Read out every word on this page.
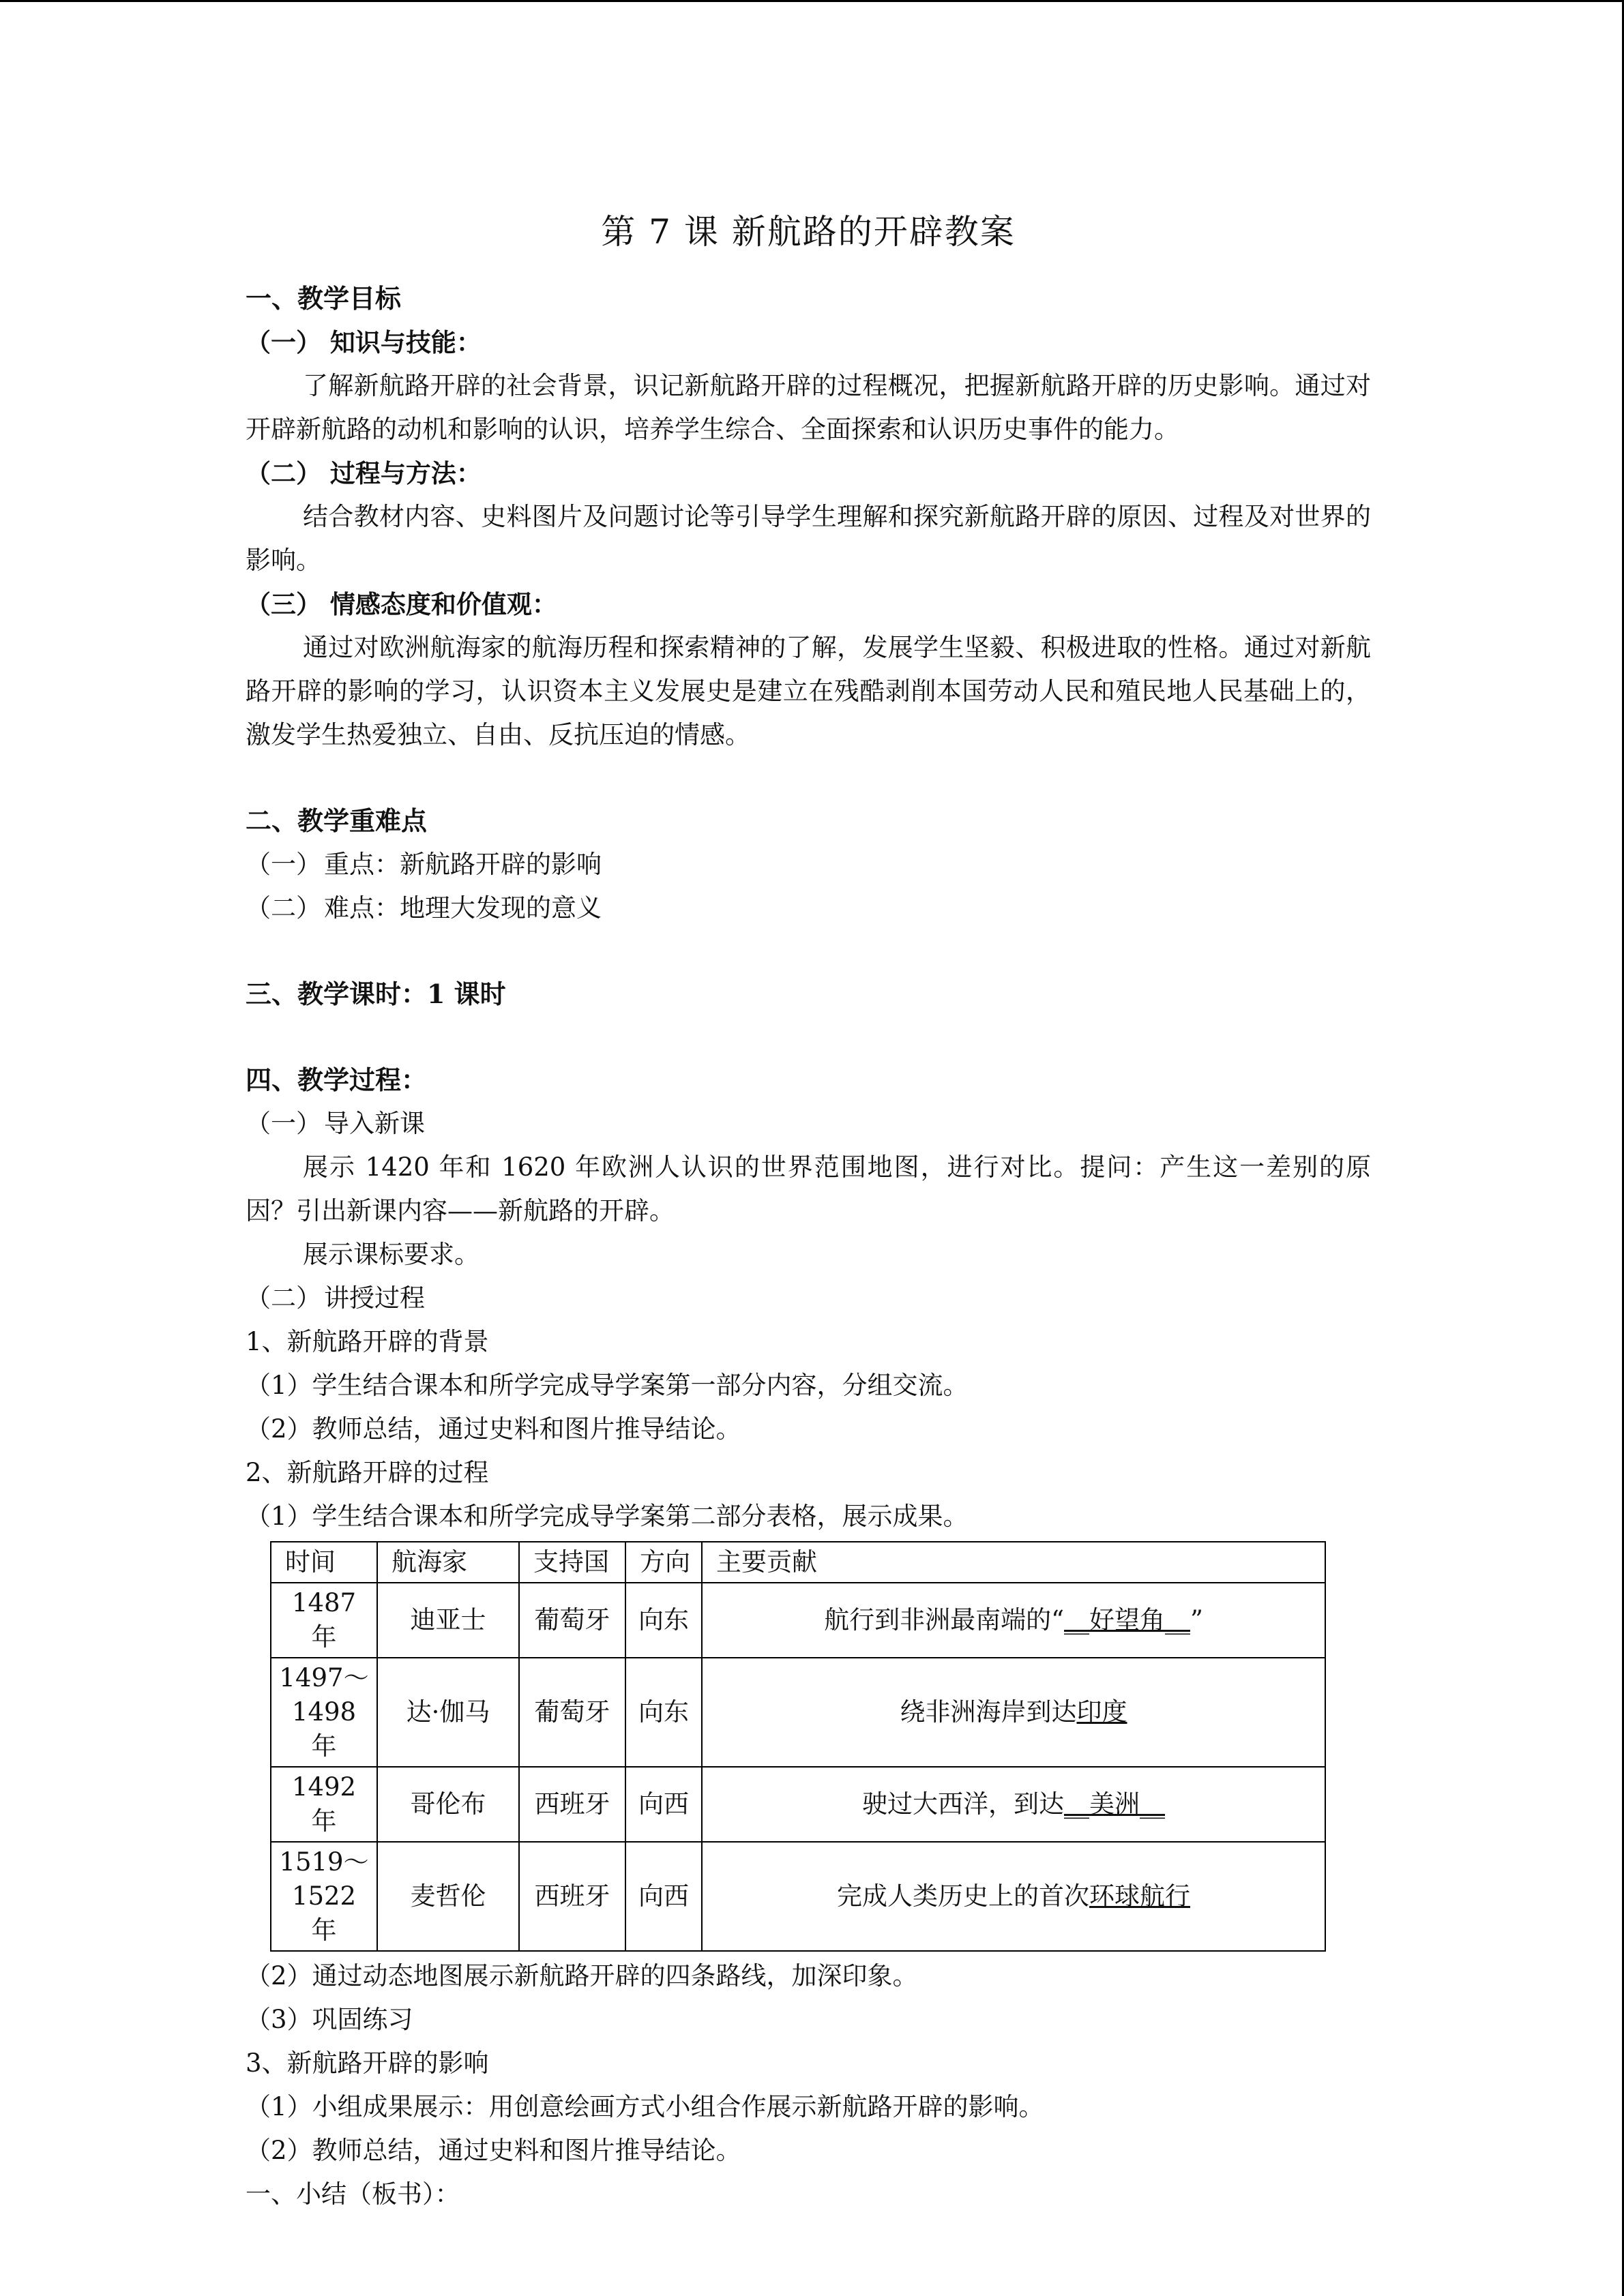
第 7 课 新航路的开辟教案
一、教学目标
（一） 知识与技能：
了解新航路开辟的社会背景，识记新航路开辟的过程概况，把握新航路开辟的历史影响。通过对开辟新航路的动机和影响的认识，培养学生综合、全面探索和认识历史事件的能力。
（二） 过程与方法：
结合教材内容、史料图片及问题讨论等引导学生理解和探究新航路开辟的原因、过程及对世界的影响。
（三） 情感态度和价值观：
通过对欧洲航海家的航海历程和探索精神的了解，发展学生坚毅、积极进取的性格。通过对新航路开辟的影响的学习，认识资本主义发展史是建立在残酷剥削本国劳动人民和殖民地人民基础上的，激发学生热爱独立、自由、反抗压迫的情感。
二、教学重难点
（一） 重点：新航路开辟的影响
（二） 难点：地理大发现的意义
三、教学课时：1 课时
四、教学过程：
（一） 导入新课
展示 1420 年和 1620 年欧洲人认识的世界范围地图，进行对比。提问：产生这一差别的原因？引出新课内容——新航路的开辟。
展示课标要求。
（二） 讲授过程
1、新航路开辟的背景
（1）学生结合课本和所学完成导学案第一部分内容，分组交流。
（2）教师总结，通过史料和图片推导结论。
2、新航路开辟的过程
（1）学生结合课本和所学完成导学案第二部分表格，展示成果。
时间	航海家	支持国	方向	主要贡献
1487 年	迪亚士	葡萄牙	向东	航行到非洲最南端的“__好望角__”
1497～1498 年	达·伽马	葡萄牙	向东	绕非洲海岸到达印度
1492 年	哥伦布	西班牙	向西	驶过大西洋，到达__美洲__
1519～1522 年	麦哲伦	西班牙	向西	完成人类历史上的首次环球航行
（2）通过动态地图展示新航路开辟的四条路线，加深印象。
（3）巩固练习
3、新航路开辟的影响
（1）小组成果展示：用创意绘画方式小组合作展示新航路开辟的影响。
（2）教师总结，通过史料和图片推导结论。
一、小结（板书）：
